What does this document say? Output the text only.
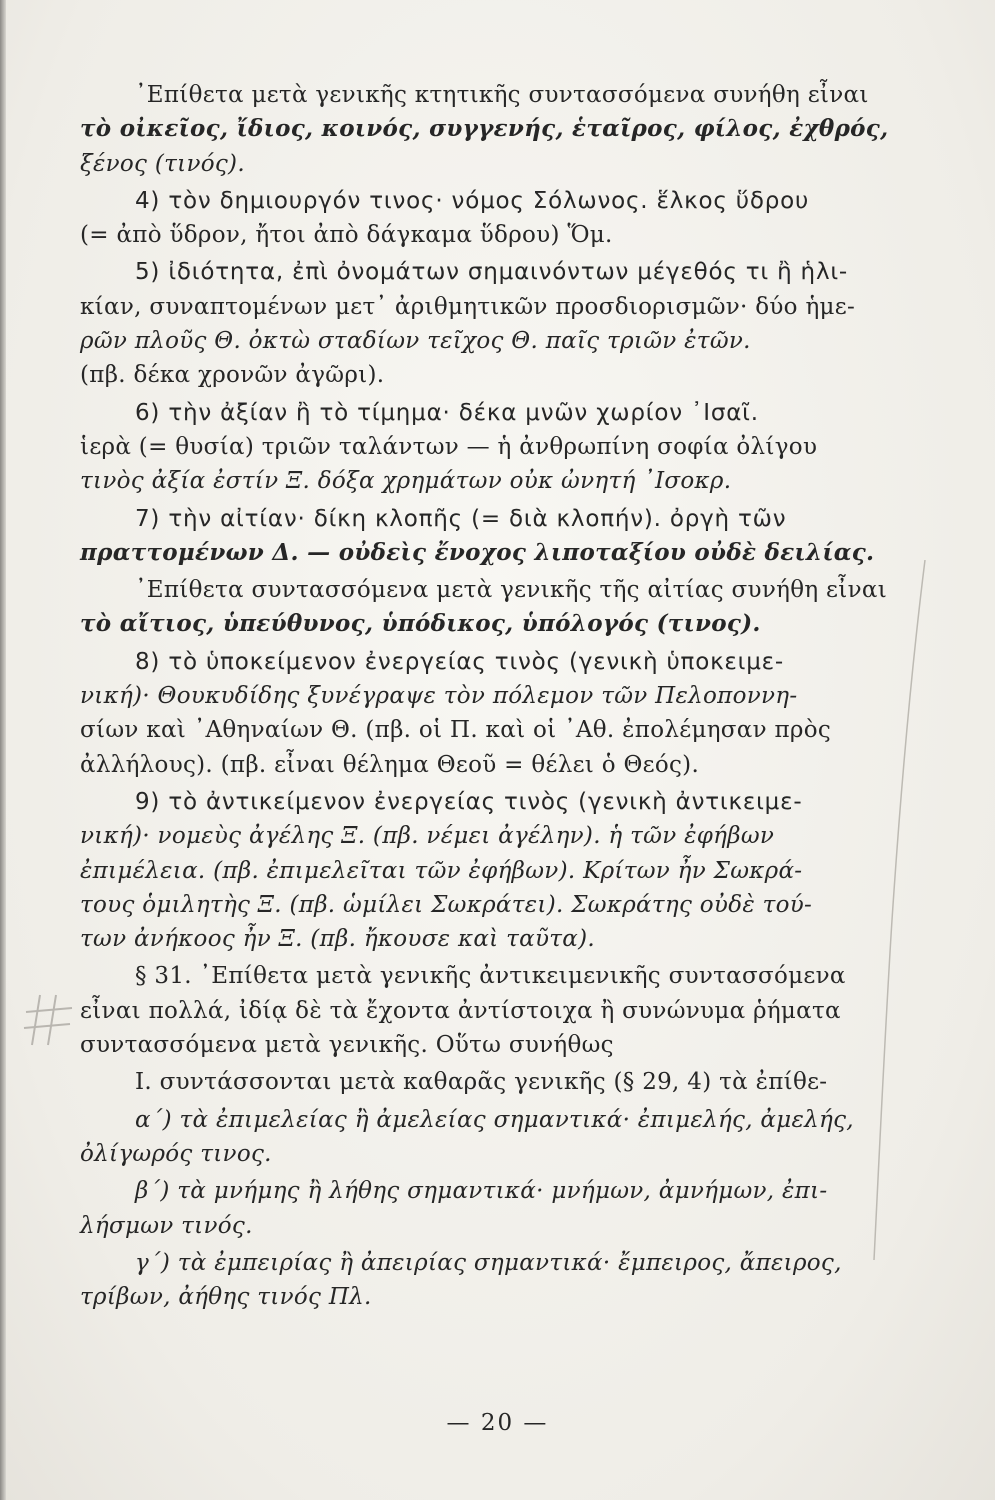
᾿Επίθετα μετὰ γενικῆς κτητικῆς συντασσόμενα συνήθη εἶναι
τὸ οἰκεῖος, ἴδιος, κοινός, συγγενής, ἑταῖρος, φίλος, ἐχθρός,
ξένος (τινός).

4) τὸν δημιουργόν τινος· νόμος Σόλωνος. ἕλκος ὕδρου
(= ἀπὸ ὕδρον, ἤτοι ἀπὸ δάγκαμα ὕδρου) Ὅμ.

5) ἰδιότητα, ἐπὶ ὀνομάτων σημαινόντων μέγεθός τι ἢ ἡλι-
κίαν, συναπτομένων μετ᾿ ἀριθμητικῶν προσδιορισμῶν· δύο ἡμε-
ρῶν πλοῦς Θ. ὀκτὼ σταδίων τεῖχος Θ. παῖς τριῶν ἐτῶν.
(πβ. δέκα χρονῶν ἀγῶρι).

6) τὴν ἀξίαν ἢ τὸ τίμημα· δέκα μνῶν χωρίον ᾿Ισαῖ.
ἱερὰ (= θυσία) τριῶν ταλάντων — ἡ ἀνθρωπίνη σοφία ὀλίγου
τινὸς ἀξία ἐστίν Ξ. δόξα χρημάτων οὐκ ὠνητή ᾿Ισοκρ.

7) τὴν αἰτίαν· δίκη κλοπῆς (= διὰ κλοπήν). ὀργὴ τῶν
πραττομένων Δ. — οὐδεὶς ἔνοχος λιποταξίου οὐδὲ δειλίας.

᾿Επίθετα συντασσόμενα μετὰ γενικῆς τῆς αἰτίας συνήθη εἶναι
τὸ αἴτιος, ὑπεύθυνος, ὑπόδικος, ὑπόλογός (τινος).

8) τὸ ὑποκείμενον ἐνεργείας τινὸς (γενικὴ ὑποκειμε-
νική)· Θουκυδίδης ξυνέγραψε τὸν πόλεμον τῶν Πελοποννη-
σίων καὶ ᾿Αθηναίων Θ. (πβ. οἱ Π. καὶ οἱ ᾿Αθ. ἐπολέμησαν πρὸς
ἀλλήλους). (πβ. εἶναι θέλημα Θεοῦ = θέλει ὁ Θεός).

9) τὸ ἀντικείμενον ἐνεργείας τινὸς (γενικὴ ἀντικειμε-
νική)· νομεὺς ἀγέλης Ξ. (πβ. νέμει ἀγέλην). ἡ τῶν ἐφήβων
ἐπιμέλεια. (πβ. ἐπιμελεῖται τῶν ἐφήβων). Κρίτων ἦν Σωκρά-
τους ὁμιλητὴς Ξ. (πβ. ὡμίλει Σωκράτει). Σωκράτης οὐδὲ τού-
των ἀνήκοος ἦν Ξ. (πβ. ἤκουσε καὶ ταῦτα).

§ 31. ᾿Επίθετα μετὰ γενικῆς ἀντικειμενικῆς συντασσόμενα
εἶναι πολλά, ἰδίᾳ δὲ τὰ ἔχοντα ἀντίστοιχα ἢ συνώνυμα ῥήματα
συντασσόμενα μετὰ γενικῆς. Οὕτω συνήθως

Ι. συντάσσονται μετὰ καθαρᾶς γενικῆς (§ 29, 4) τὰ ἐπίθε-

α΄) τὰ ἐπιμελείας ἢ ἀμελείας σημαντικά· ἐπιμελής, ἀμελής,
ὀλίγωρός τινος.

β΄) τὰ μνήμης ἢ λήθης σημαντικά· μνήμων, ἀμνήμων, ἐπι-
λήσμων τινός.

γ΄) τὰ ἐμπειρίας ἢ ἀπειρίας σημαντικά· ἔμπειρος, ἄπειρος,
τρίβων, ἀήθης τινός Πλ.

— 20 —
